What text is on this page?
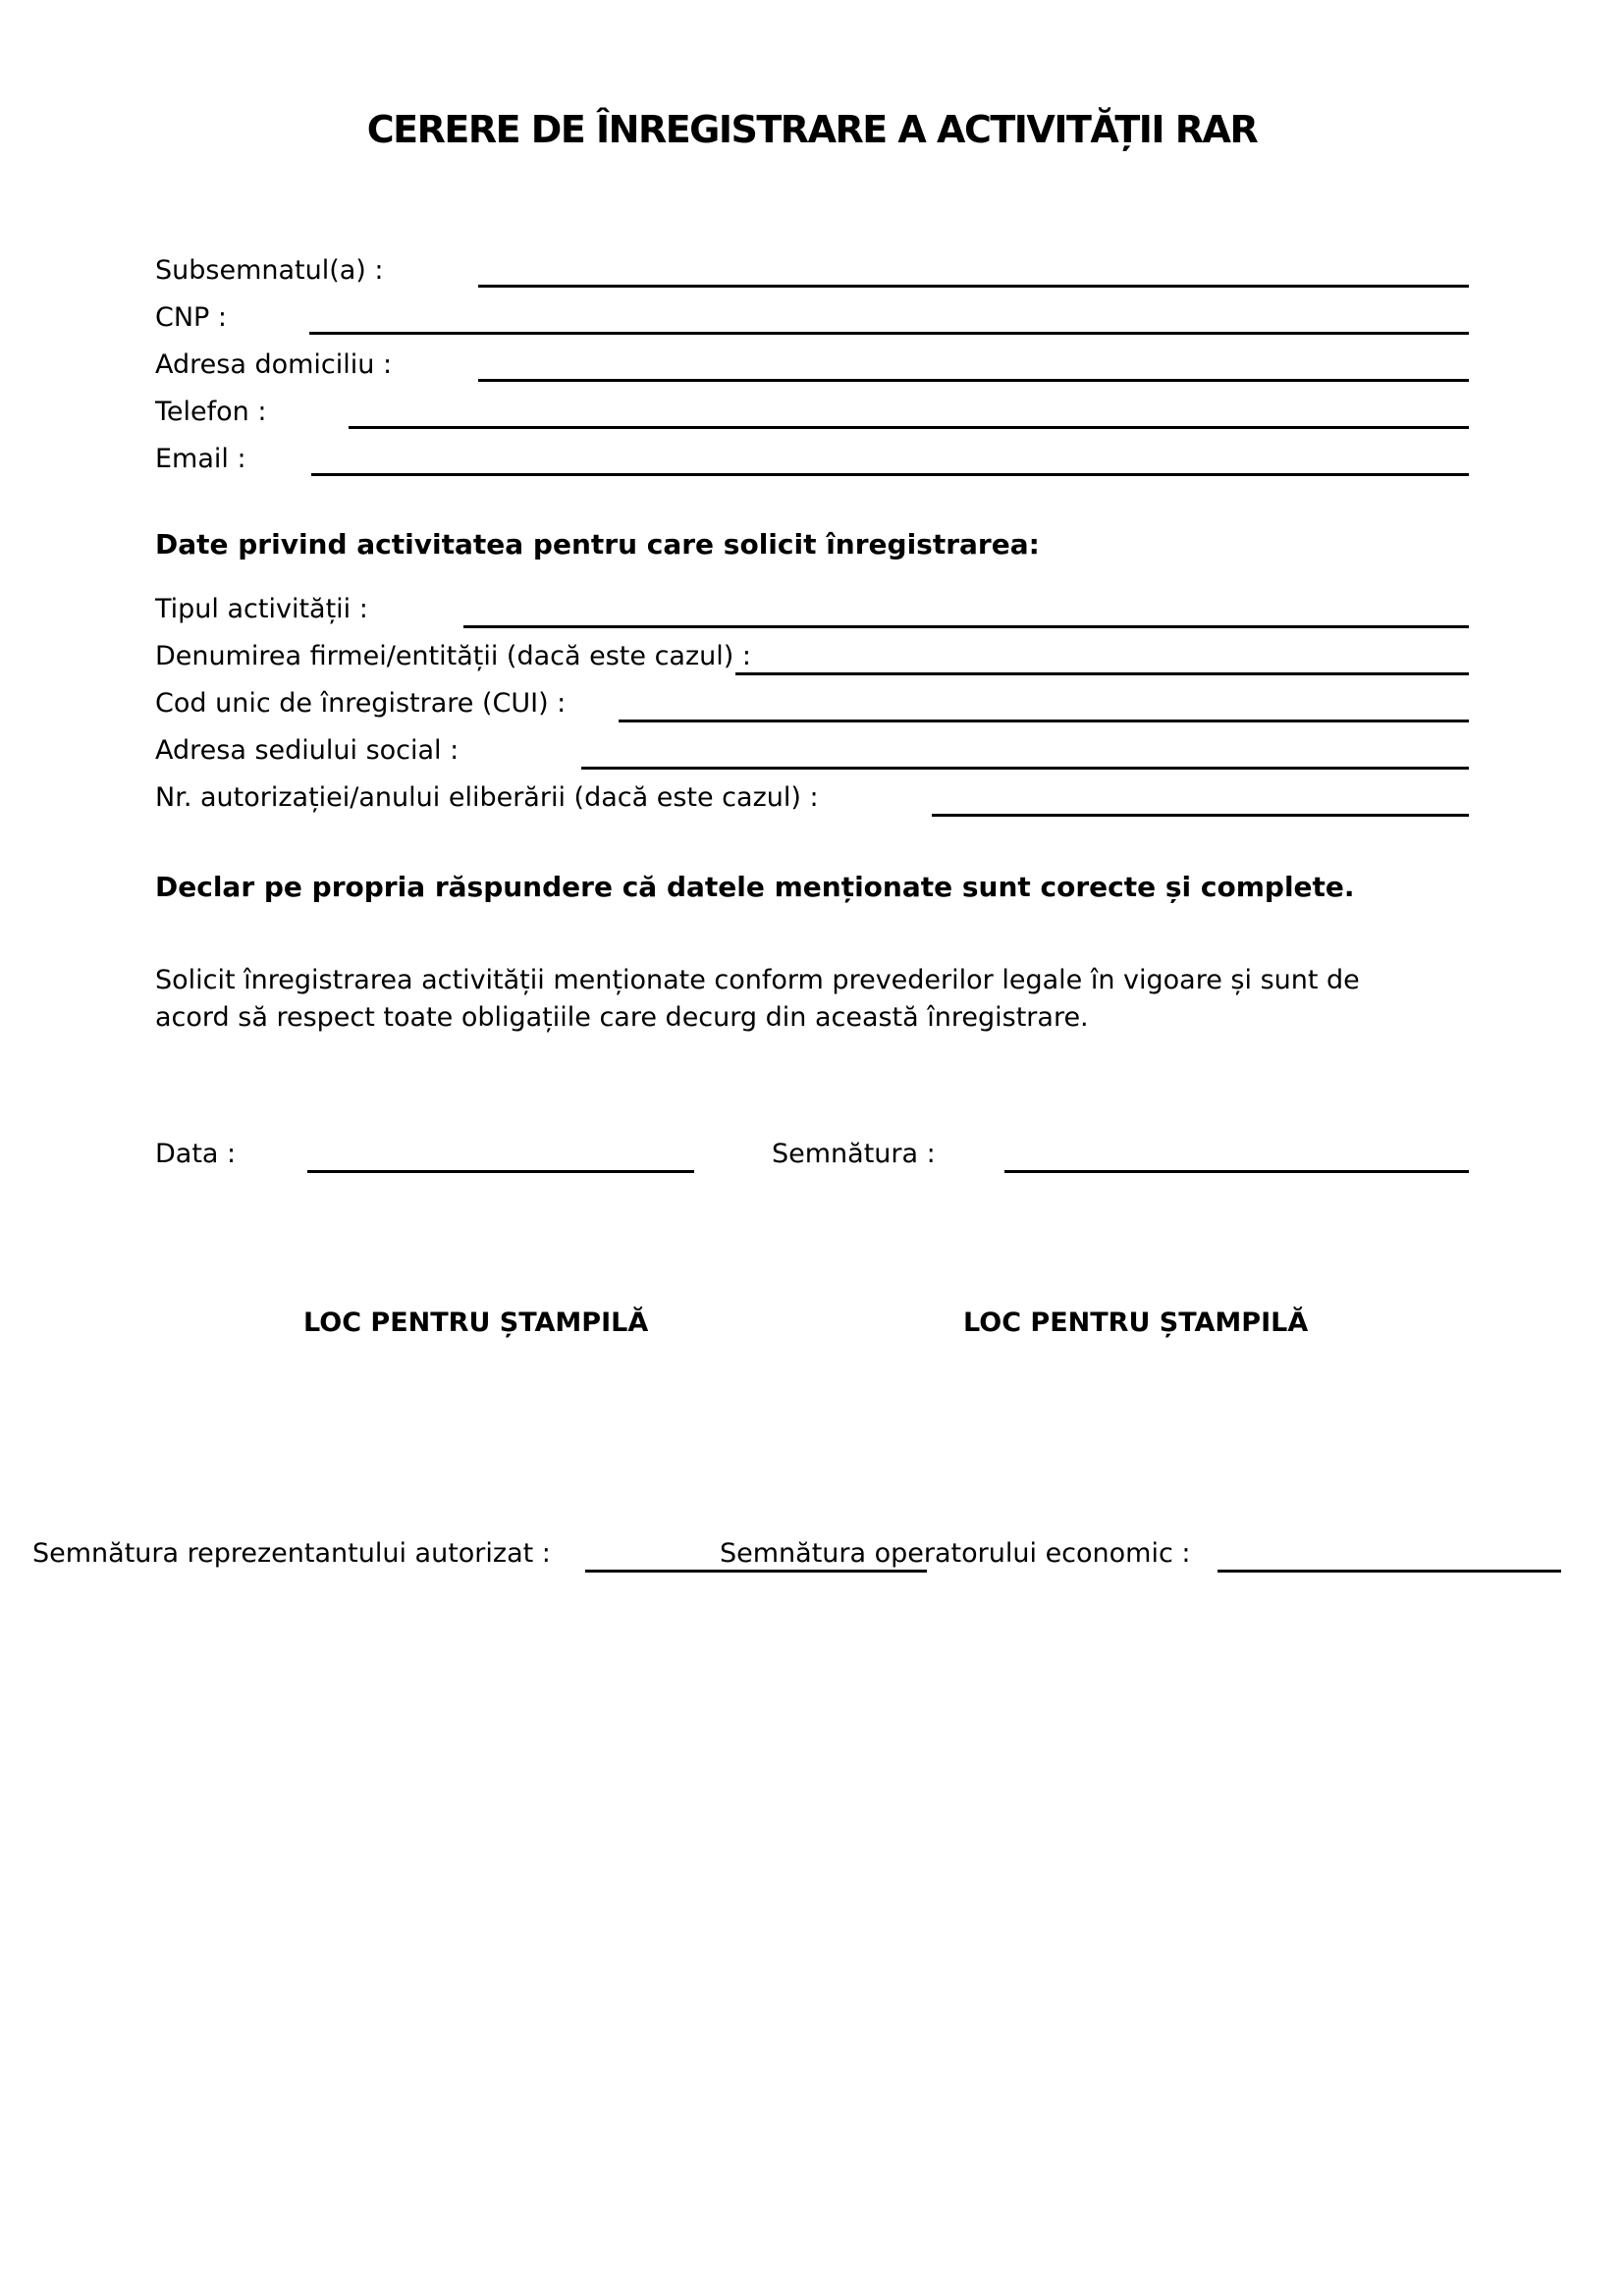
CERERE DE ÎNREGISTRARE A ACTIVITĂȚII RAR
Subsemnatul(a) :
CNP :
Adresa domiciliu :
Telefon :
Email :
Date privind activitatea pentru care solicit înregistrarea:
Tipul activității :
Denumirea firmei/entității (dacă este cazul) :
Cod unic de înregistrare (CUI) :
Adresa sediului social :
Nr. autorizației/anului eliberării (dacă este cazul) :
Declar pe propria răspundere că datele menționate sunt corecte și complete.
Solicit înregistrarea activității menționate conform prevederilor legale în vigoare și sunt de acord să respect toate obligațiile care decurg din această înregistrare.
Data :	Semnătura :
LOC PENTRU ȘTAMPILĂ	LOC PENTRU ȘTAMPILĂ
Semnătura reprezentantului autorizat :	Semnătura operatorului economic :
